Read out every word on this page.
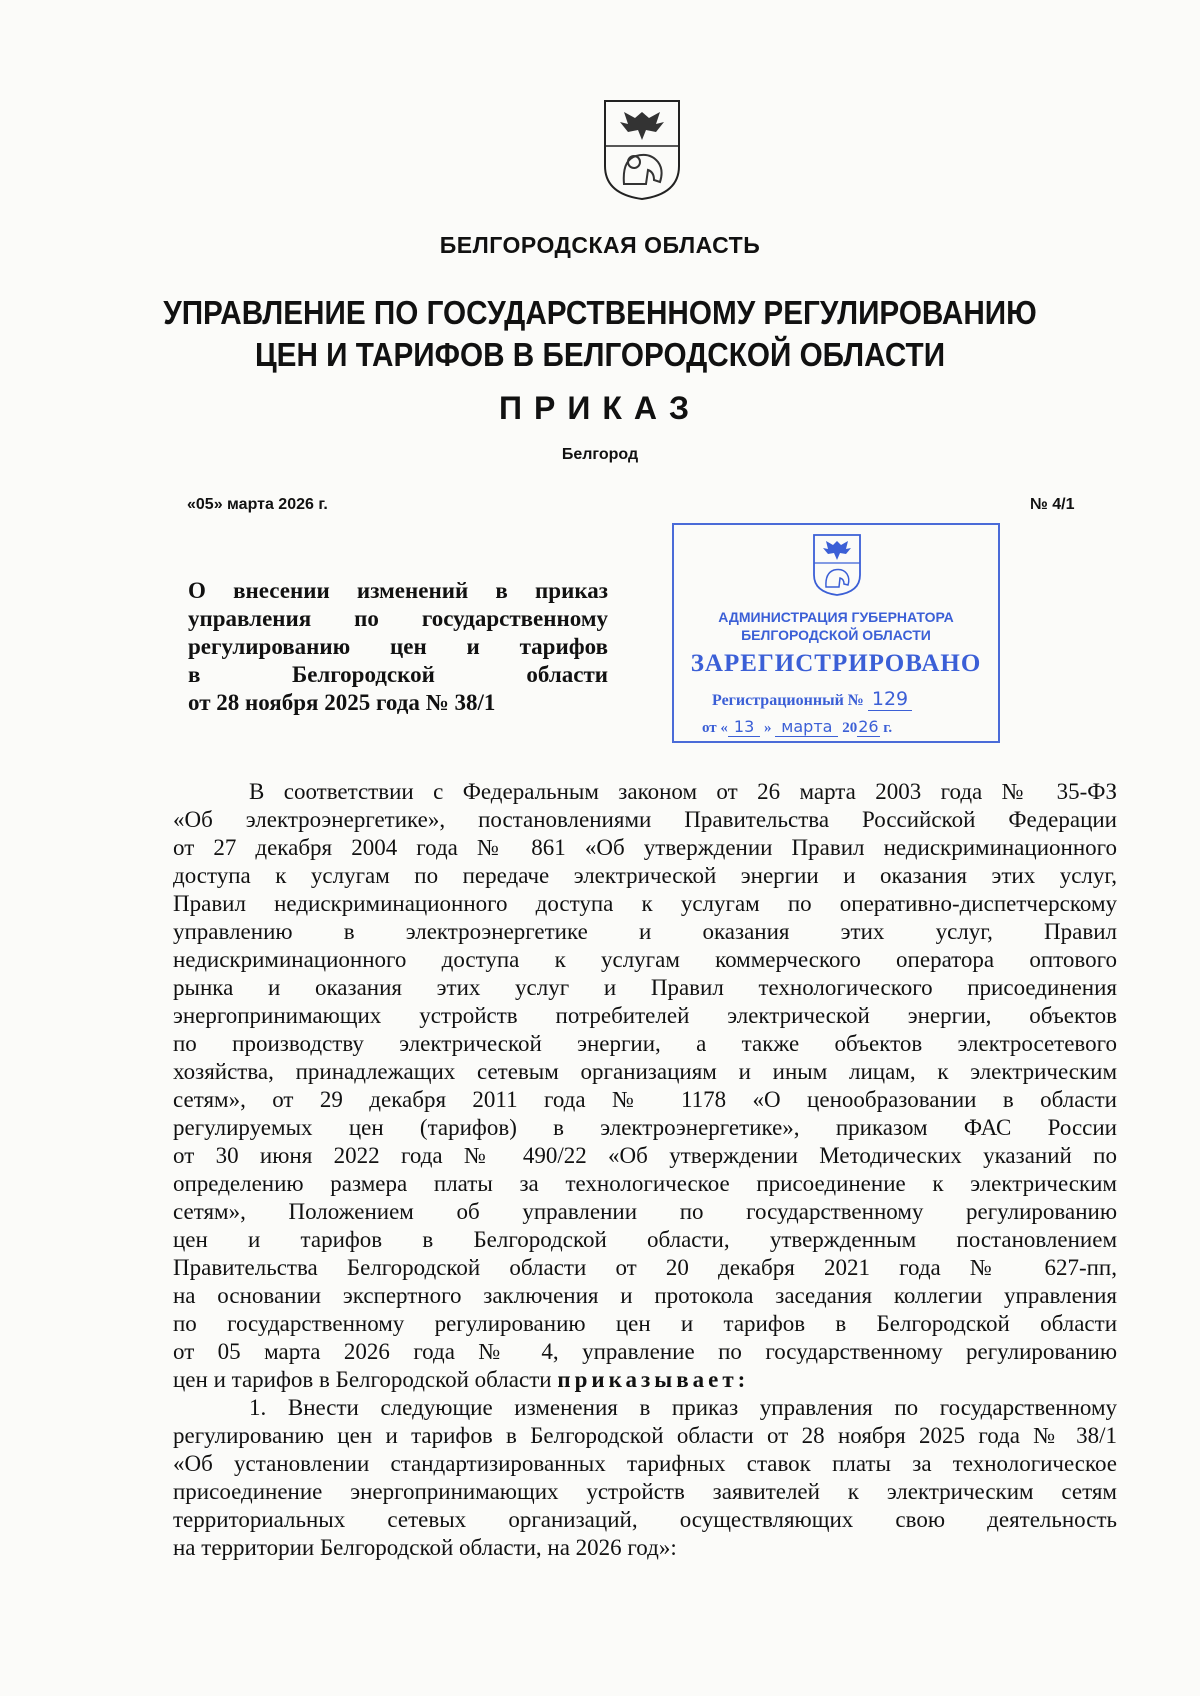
БЕЛГОРОДСКАЯ ОБЛАСТЬ
УПРАВЛЕНИЕ ПО ГОСУДАРСТВЕННОМУ РЕГУЛИРОВАНИЮ
ЦЕН И ТАРИФОВ В БЕЛГОРОДСКОЙ ОБЛАСТИ
ПРИКАЗ
Белгород
«05» марта 2026 г.	№ 4/1
О внесении изменений в приказ
управления по государственному
регулированию цен и тарифов
в Белгородской области
от 28 ноября 2025 года № 38/1
АДМИНИСТРАЦИЯ ГУБЕРНАТОРА
БЕЛГОРОДСКОЙ ОБЛАСТИ
ЗАРЕГИСТРИРОВАНО
Регистрационный № 129
от « 13 » марта 2026 г.
В соответствии с Федеральным законом от 26 марта 2003 года № 35-ФЗ
«Об электроэнергетике», постановлениями Правительства Российской Федерации
от 27 декабря 2004 года № 861 «Об утверждении Правил недискриминационного
доступа к услугам по передаче электрической энергии и оказания этих услуг,
Правил недискриминационного доступа к услугам по оперативно-диспетчерскому
управлению в электроэнергетике и оказания этих услуг, Правил
недискриминационного доступа к услугам коммерческого оператора оптового
рынка и оказания этих услуг и Правил технологического присоединения
энергопринимающих устройств потребителей электрической энергии, объектов
по производству электрической энергии, а также объектов электросетевого
хозяйства, принадлежащих сетевым организациям и иным лицам, к электрическим
сетям», от 29 декабря 2011 года № 1178 «О ценообразовании в области
регулируемых цен (тарифов) в электроэнергетике», приказом ФАС России
от 30 июня 2022 года № 490/22 «Об утверждении Методических указаний по
определению размера платы за технологическое присоединение к электрическим
сетям», Положением об управлении по государственному регулированию
цен и тарифов в Белгородской области, утвержденным постановлением
Правительства Белгородской области от 20 декабря 2021 года № 627-пп,
на основании экспертного заключения и протокола заседания коллегии управления
по государственному регулированию цен и тарифов в Белгородской области
от 05 марта 2026 года № 4, управление по государственному регулированию
цен и тарифов в Белгородской области приказывает:
1. Внести следующие изменения в приказ управления по государственному
регулированию цен и тарифов в Белгородской области от 28 ноября 2025 года № 38/1
«Об установлении стандартизированных тарифных ставок платы за технологическое
присоединение энергопринимающих устройств заявителей к электрическим сетям
территориальных сетевых организаций, осуществляющих свою деятельность
на территории Белгородской области, на 2026 год»:
